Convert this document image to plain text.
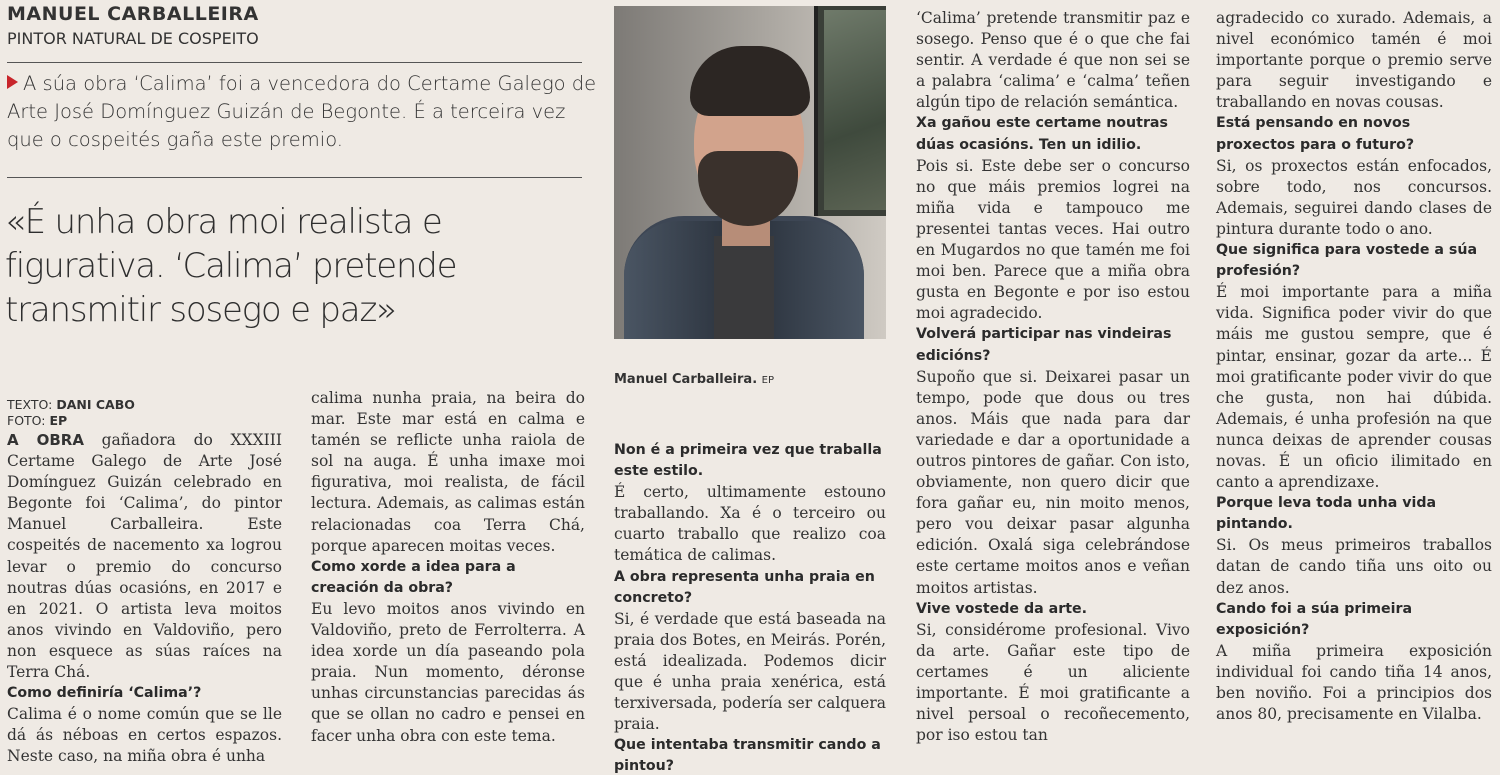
MANUEL CARBALLEIRA
PINTOR NATURAL DE COSPEITO
A súa obra ‘Calima’ foi a vencedora do Certame Galego de Arte José Domínguez Guizán de Begonte. É a terceira vez que o cospeités gaña este premio.
«É unha obra moi realista e figurativa. ‘Calima’ pretende transmitir sosego e paz»
TEXTO: DANI CABO
FOTO: EP

A OBRA gañadora do XXXIII Certame Galego de Arte José Domínguez Guizán celebrado en Begonte foi ‘Calima’, do pintor Manuel Carballeira. Este cospeités de nacemento xa logrou levar o premio do concurso noutras dúas ocasións, en 2017 e en 2021. O artista leva moitos anos vivindo en Valdoviño, pero non esquece as súas raíces na Terra Chá.

Como definiría ‘Calima’?

Calima é o nome común que se lle dá ás néboas en certos espazos. Neste caso, na miña obra é unha

calima nunha praia, na beira do mar. Este mar está en calma e tamén se reflicte unha raiola de sol na auga. É unha imaxe moi figurativa, moi realista, de fácil lectura. Ademais, as calimas están relacionadas coa Terra Chá, porque aparecen moitas veces.

Como xorde a idea para a creación da obra?

Eu levo moitos anos vivindo en Valdoviño, preto de Ferrolterra. A idea xorde un día paseando pola praia. Nun momento, déronse unhas circunstancias parecidas ás que se ollan no cadro e pensei en facer unha obra con este tema.

Manuel Carballeira. EP

Non é a primeira vez que traballa este estilo.

É certo, ultimamente estouno traballando. Xa é o terceiro ou cuarto traballo que realizo coa temática de calimas.

A obra representa unha praia en concreto?

Si, é verdade que está baseada na praia dos Botes, en Meirás. Porén, está idealizada. Podemos dicir que é unha praia xenérica, está terxiversada, podería ser calquera praia.

Que intentaba transmitir cando a pintou?

‘Calima’ pretende transmitir paz e sosego. Penso que é o que che fai sentir. A verdade é que non sei se a palabra ‘calima’ e ‘calma’ teñen algún tipo de relación semántica.

Xa gañou este certame noutras dúas ocasións. Ten un idilio.

Pois si. Este debe ser o concurso no que máis premios logrei na miña vida e tampouco me presentei tantas veces. Hai outro en Mugardos no que tamén me foi moi ben. Parece que a miña obra gusta en Begonte e por iso estou moi agradecido.

Volverá participar nas vindeiras edicións?

Supoño que si. Deixarei pasar un tempo, pode que dous ou tres anos. Máis que nada para dar variedade e dar a oportunidade a outros pintores de gañar. Con isto, obviamente, non quero dicir que fora gañar eu, nin moito menos, pero vou deixar pasar algunha edición. Oxalá siga celebrándose este certame moitos anos e veñan moitos artistas.

Vive vostede da arte.

Si, considérome profesional. Vivo da arte. Gañar este tipo de certames é un aliciente importante. É moi gratificante a nivel persoal o recoñecemento, por iso estou tan

agradecido co xurado. Ademais, a nivel económico tamén é moi importante porque o premio serve para seguir investigando e traballando en novas cousas.

Está pensando en novos proxectos para o futuro?

Si, os proxectos están enfocados, sobre todo, nos concursos. Ademais, seguirei dando clases de pintura durante todo o ano.

Que significa para vostede a súa profesión?

É moi importante para a miña vida. Significa poder vivir do que máis me gustou sempre, que é pintar, ensinar, gozar da arte... É moi gratificante poder vivir do que che gusta, non hai dúbida. Ademais, é unha profesión na que nunca deixas de aprender cousas novas. É un oficio ilimitado en canto a aprendizaxe.

Porque leva toda unha vida pintando.

Si. Os meus primeiros traballos datan de cando tiña uns oito ou dez anos.

Cando foi a súa primeira exposición?

A miña primeira exposición individual foi cando tiña 14 anos, ben noviño. Foi a principios dos anos 80, precisamente en Vilalba.
